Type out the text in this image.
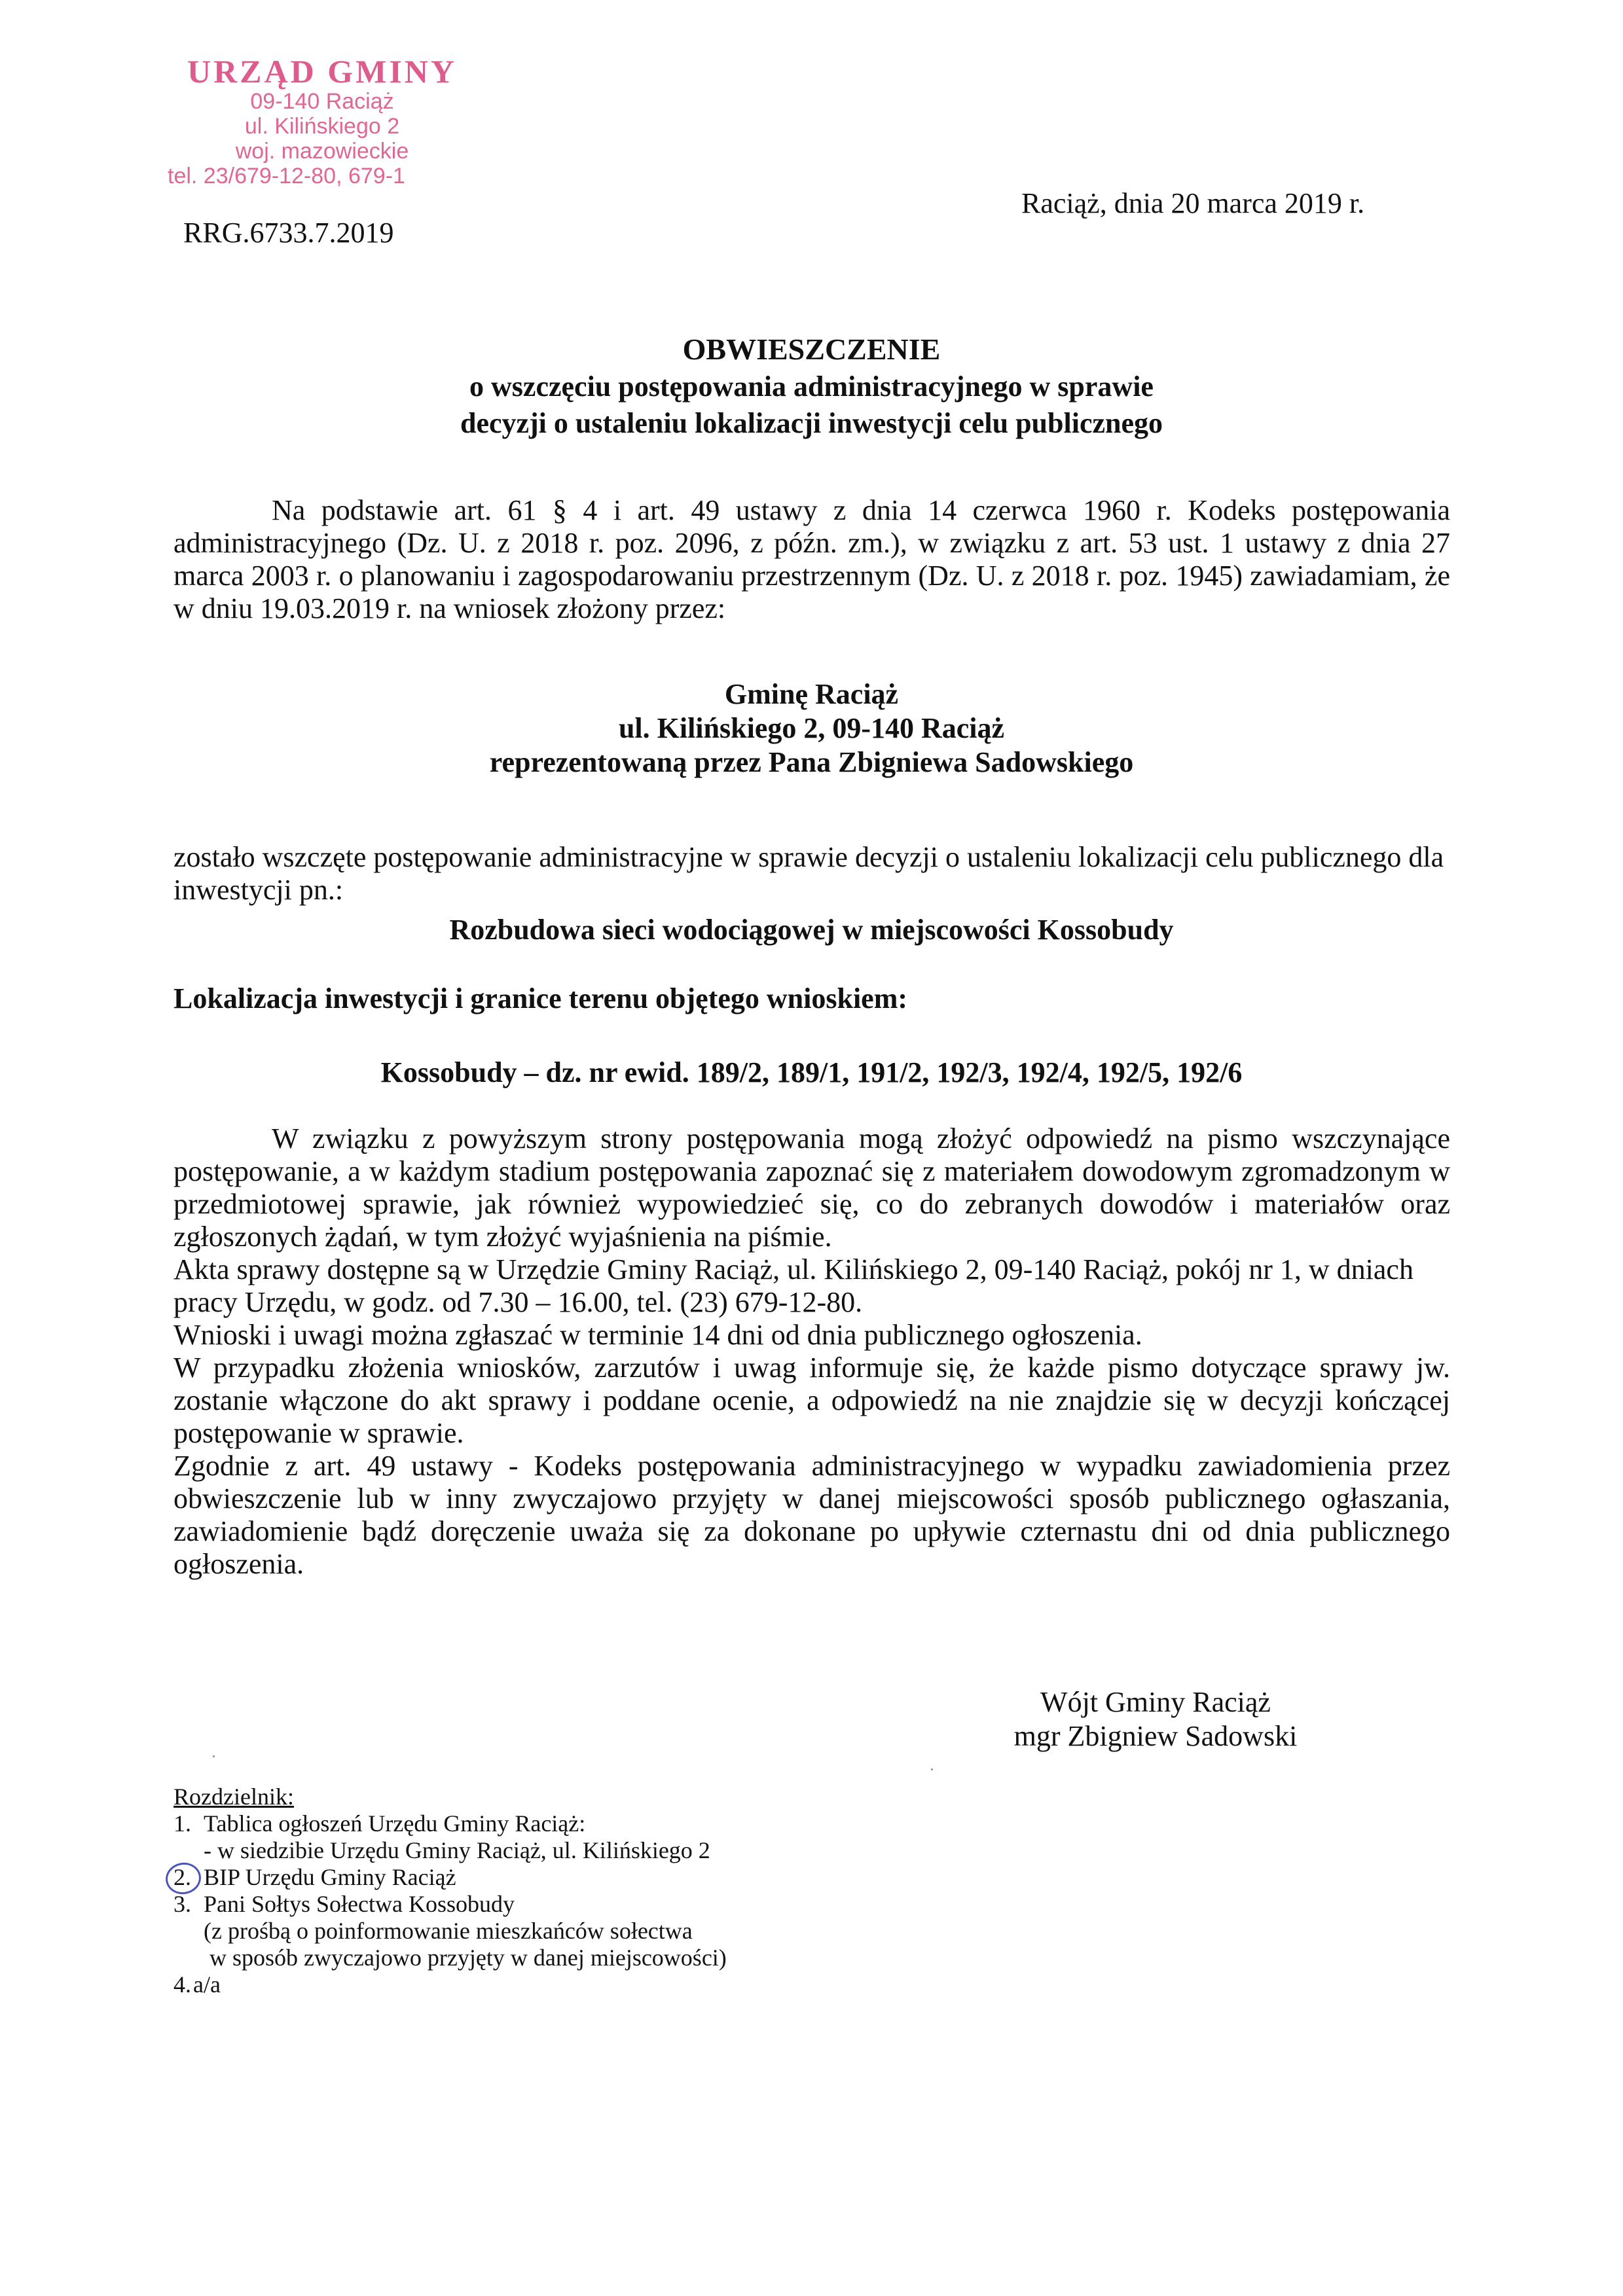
URZĄD GMINY
09-140 Raciąż
ul. Kilińskiego 2
woj. mazowieckie
tel. 23/679-12-80, 679-1
Raciąż, dnia 20 marca 2019 r.
RRG.6733.7.2019
OBWIESZCZENIE
o wszczęciu postępowania administracyjnego w sprawie
decyzji o ustaleniu lokalizacji inwestycji celu publicznego
Na podstawie art. 61 § 4 i art. 49 ustawy z dnia 14 czerwca 1960 r. Kodeks postępowania administracyjnego (Dz. U. z 2018 r. poz. 2096, z późn. zm.), w związku z art. 53 ust. 1 ustawy z dnia 27 marca 2003 r. o planowaniu i zagospodarowaniu przestrzennym (Dz. U. z 2018 r. poz. 1945) zawiadamiam, że w dniu 19.03.2019 r. na wniosek złożony przez:
Gminę Raciąż
ul. Kilińskiego 2, 09-140 Raciąż
reprezentowaną przez Pana Zbigniewa Sadowskiego
zostało wszczęte postępowanie administracyjne w sprawie decyzji o ustaleniu lokalizacji celu publicznego dla inwestycji pn.:
Rozbudowa sieci wodociągowej w miejscowości Kossobudy
Lokalizacja inwestycji i granice terenu objętego wnioskiem:
Kossobudy – dz. nr ewid. 189/2, 189/1, 191/2, 192/3, 192/4, 192/5, 192/6
W związku z powyższym strony postępowania mogą złożyć odpowiedź na pismo wszczynające postępowanie, a w każdym stadium postępowania zapoznać się z materiałem dowodowym zgromadzonym w przedmiotowej sprawie, jak również wypowiedzieć się, co do zebranych dowodów i materiałów oraz zgłoszonych żądań, w tym złożyć wyjaśnienia na piśmie.
Akta sprawy dostępne są w Urzędzie Gminy Raciąż, ul. Kilińskiego 2, 09-140 Raciąż, pokój nr 1, w dniach pracy Urzędu, w godz. od 7.30 – 16.00, tel. (23) 679-12-80.
Wnioski i uwagi można zgłaszać w terminie 14 dni od dnia publicznego ogłoszenia.
W przypadku złożenia wniosków, zarzutów i uwag informuje się, że każde pismo dotyczące sprawy jw. zostanie włączone do akt sprawy i poddane ocenie, a odpowiedź na nie znajdzie się w decyzji kończącej postępowanie w sprawie.
Zgodnie z art. 49 ustawy - Kodeks postępowania administracyjnego w wypadku zawiadomienia przez obwieszczenie lub w inny zwyczajowo przyjęty w danej miejscowości sposób publicznego ogłaszania, zawiadomienie bądź doręczenie uważa się za dokonane po upływie czternastu dni od dnia publicznego ogłoszenia.
Wójt Gminy Raciąż
mgr Zbigniew Sadowski
Rozdzielnik:
1. Tablica ogłoszeń Urzędu Gminy Raciąż:
- w siedzibie Urzędu Gminy Raciąż, ul. Kilińskiego 2
2. BIP Urzędu Gminy Raciąż
3. Pani Sołtys Sołectwa Kossobudy
(z prośbą o poinformowanie mieszkańców sołectwa
w sposób zwyczajowo przyjęty w danej miejscowości)
4.a/a
